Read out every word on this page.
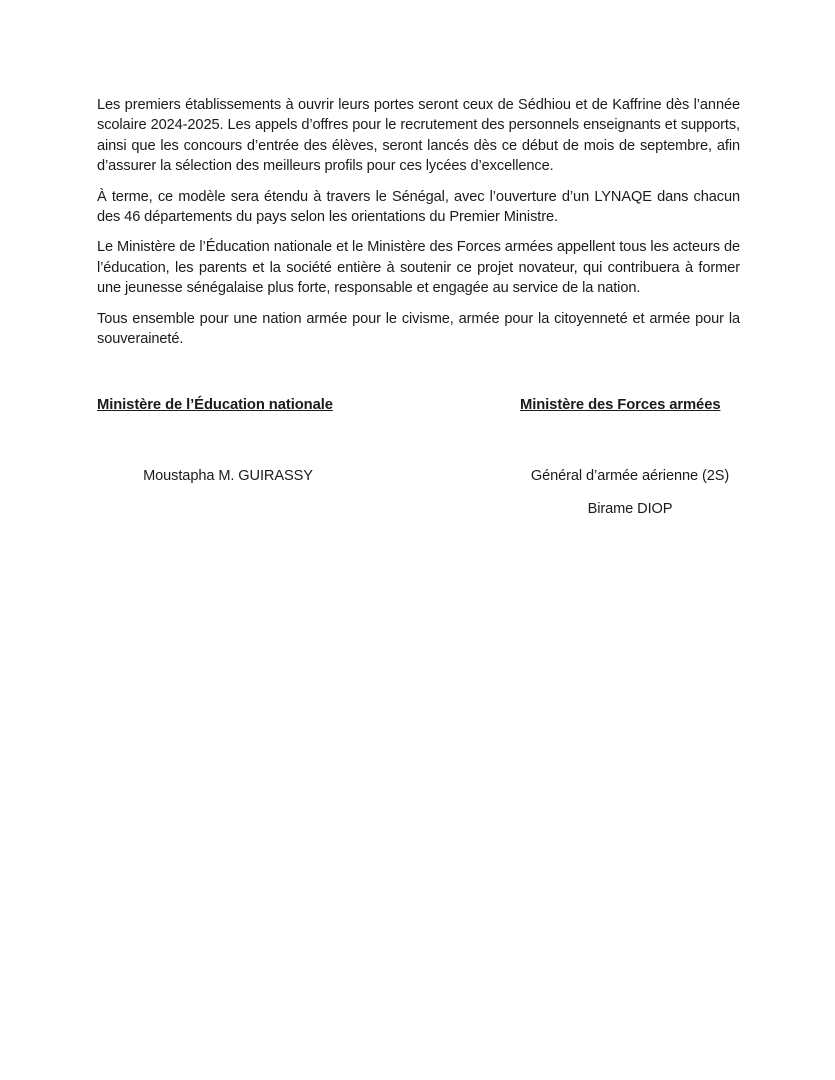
Les premiers établissements à ouvrir leurs portes seront ceux de Sédhiou et de Kaffrine dès l’année scolaire 2024-2025. Les appels d’offres pour le recrutement des personnels enseignants et supports, ainsi que les concours d’entrée des élèves, seront lancés dès ce début de mois de septembre, afin d’assurer la sélection des meilleurs profils pour ces lycées d’excellence.

À terme, ce modèle sera étendu à travers le Sénégal, avec l’ouverture d’un LYNAQE dans chacun des 46 départements du pays selon les orientations du Premier Ministre.

Le Ministère de l’Éducation nationale et le Ministère des Forces armées appellent tous les acteurs de l’éducation, les parents et la société entière à soutenir ce projet novateur, qui contribuera à former une jeunesse sénégalaise plus forte, responsable et engagée au service de la nation.

Tous ensemble pour une nation armée pour le civisme, armée pour la citoyenneté et armée pour la souveraineté.

Ministère de l’Éducation nationale
Moustapha M. GUIRASSY
Ministère des Forces armées
Général d’armée aérienne (2S)
Birame DIOP
